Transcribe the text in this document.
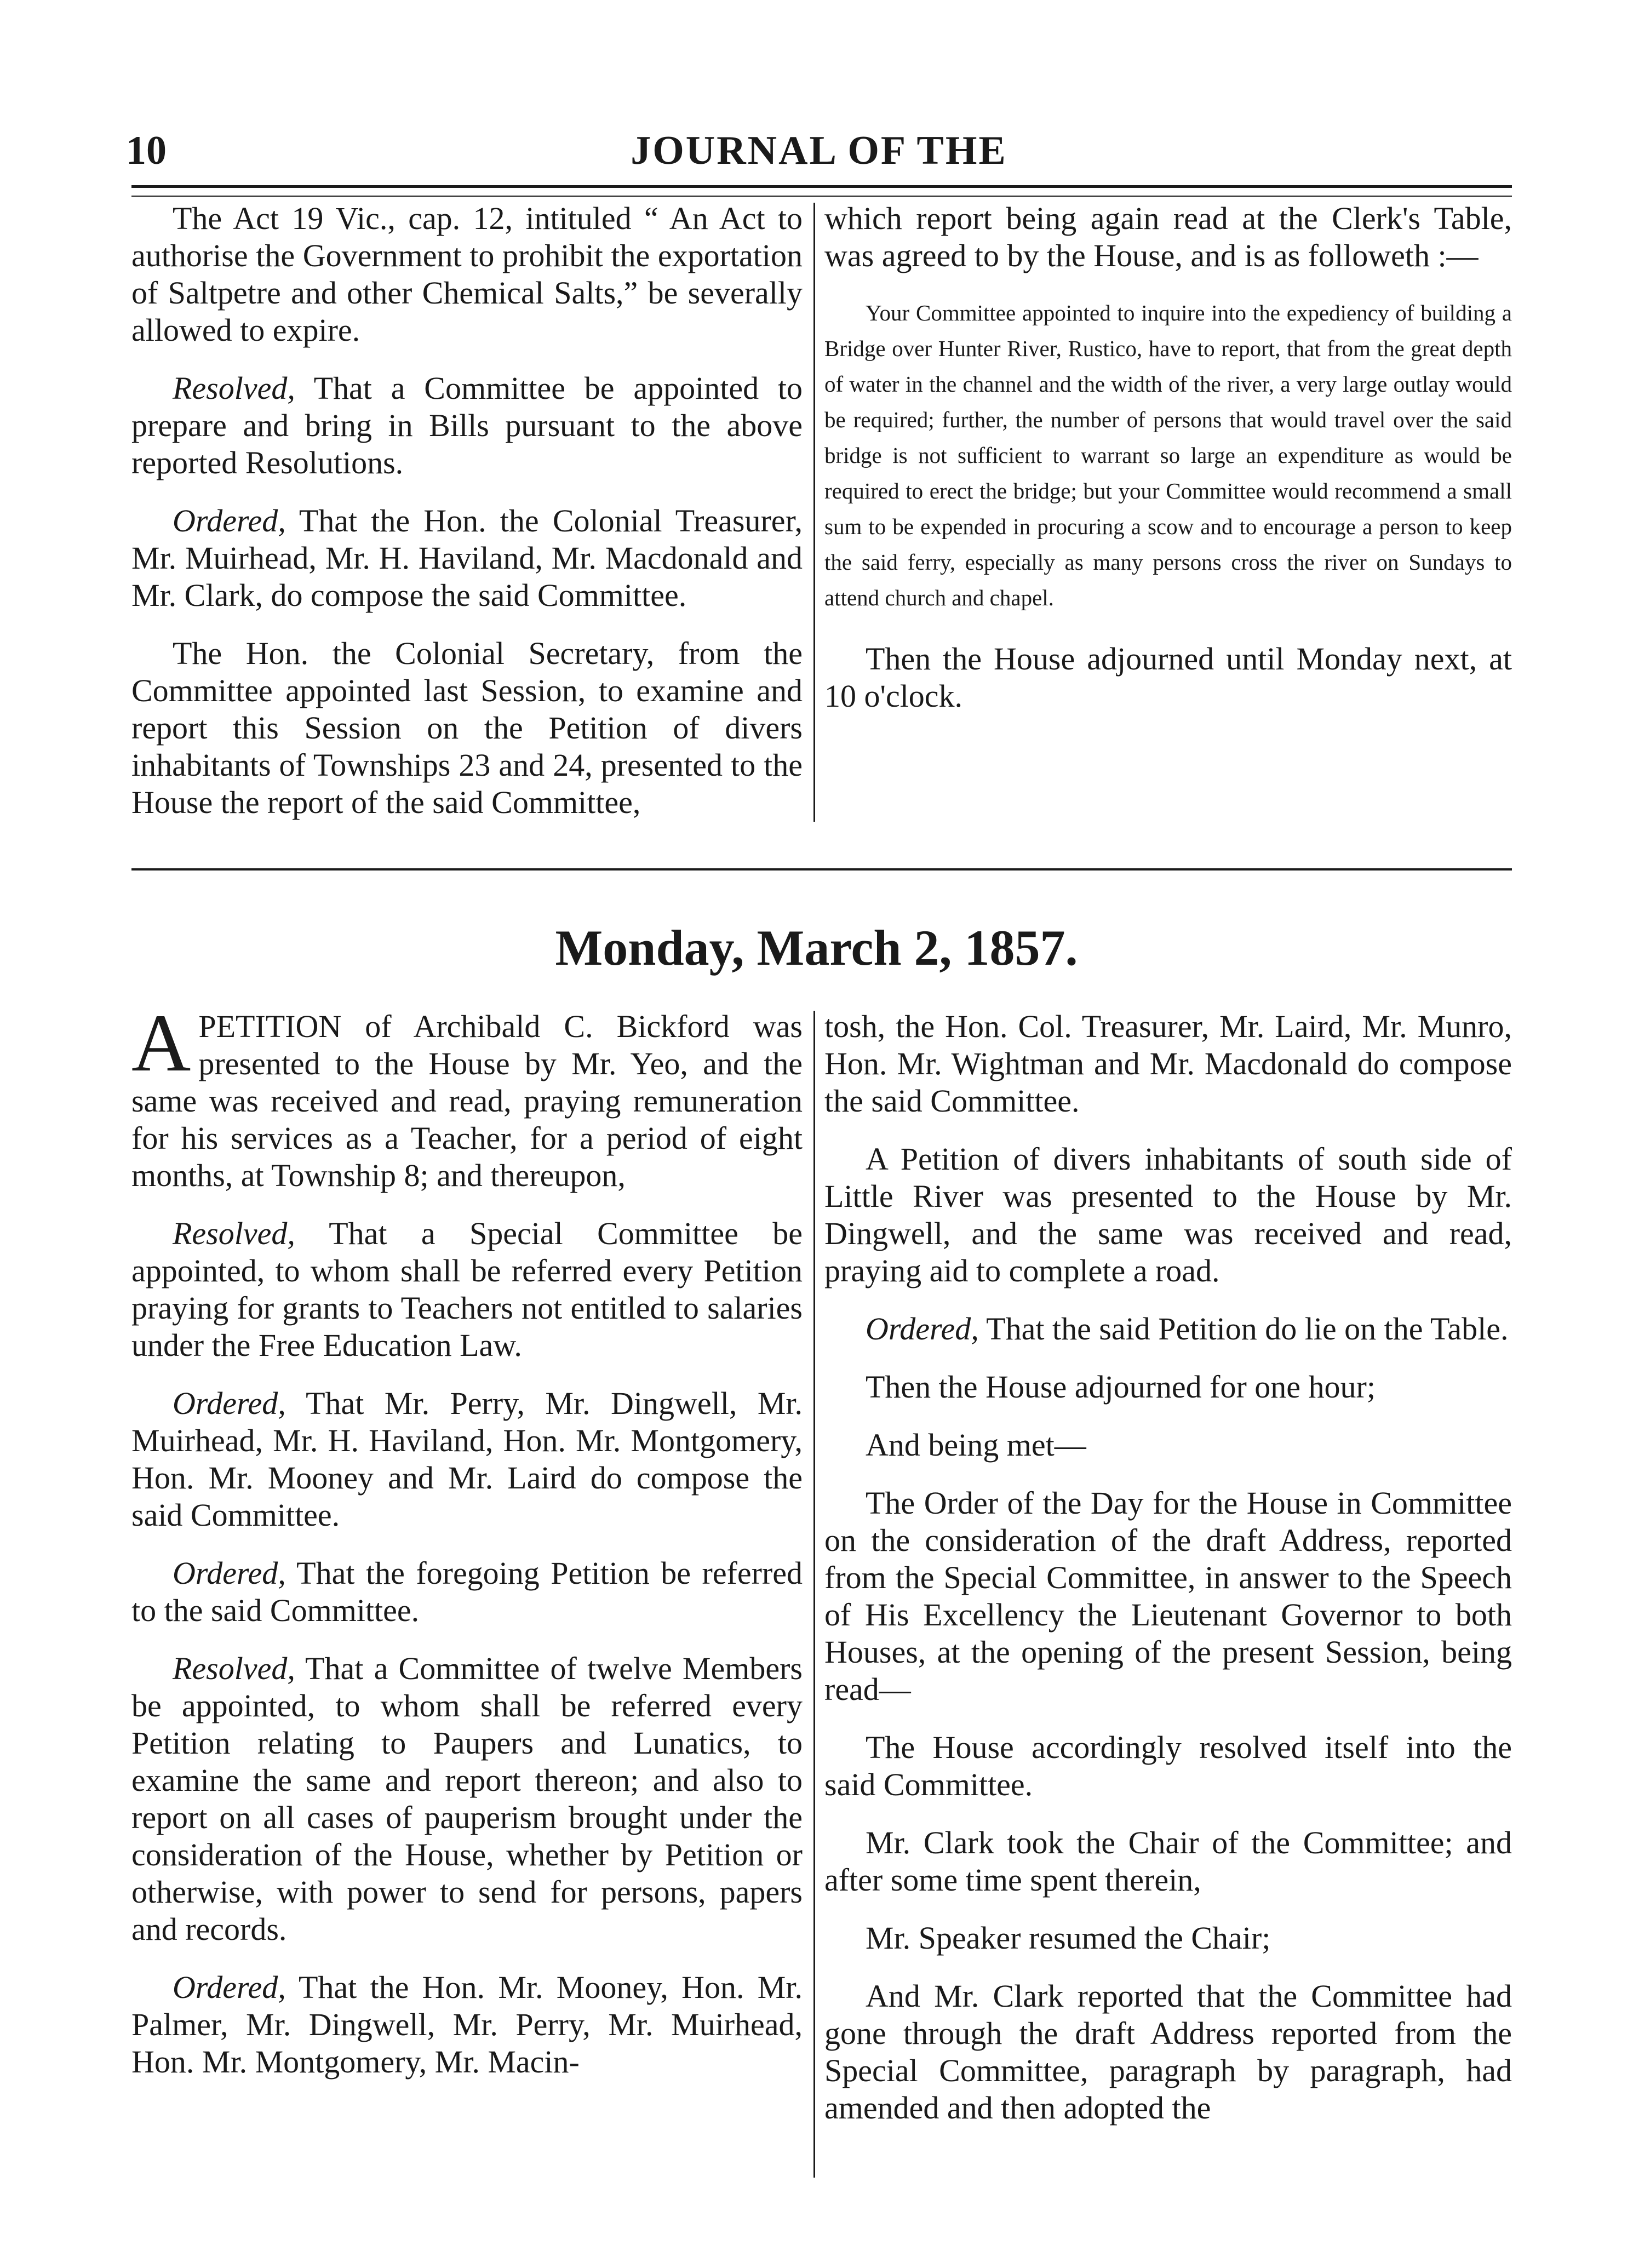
10	JOURNAL OF THE

The Act 19 Vic., cap. 12, intituled “ An Act to authorise the Government to prohibit the exportation of Saltpetre and other Chemical Salts,” be severally allowed to expire.

Resolved, That a Committee be appointed to prepare and bring in Bills pursuant to the above reported Resolutions.

Ordered, That the Hon. the Colonial Treasurer, Mr. Muirhead, Mr. H. Haviland, Mr. Macdonald and Mr. Clark, do compose the said Committee.

The Hon. the Colonial Secretary, from the Committee appointed last Session, to examine and report this Session on the Petition of divers inhabitants of Townships 23 and 24, presented to the House the report of the said Committee,

which report being again read at the Clerk's Table, was agreed to by the House, and is as followeth :—

Your Committee appointed to inquire into the expediency of building a Bridge over Hunter River, Rustico, have to report, that from the great depth of water in the channel and the width of the river, a very large outlay would be required; further, the number of persons that would travel over the said bridge is not sufficient to warrant so large an expenditure as would be required to erect the bridge; but your Committee would recommend a small sum to be expended in procuring a scow and to encourage a person to keep the said ferry, especially as many persons cross the river on Sundays to attend church and chapel.

Then the House adjourned until Monday next, at 10 o'clock.

Monday, March 2, 1857.

A PETITION of Archibald C. Bickford was presented to the House by Mr. Yeo, and the same was received and read, praying remuneration for his services as a Teacher, for a period of eight months, at Township 8; and thereupon,

Resolved, That a Special Committee be appointed, to whom shall be referred every Petition praying for grants to Teachers not entitled to salaries under the Free Education Law.

Ordered, That Mr. Perry, Mr. Dingwell, Mr. Muirhead, Mr. H. Haviland, Hon. Mr. Montgomery, Hon. Mr. Mooney and Mr. Laird do compose the said Committee.

Ordered, That the foregoing Petition be referred to the said Committee.

Resolved, That a Committee of twelve Members be appointed, to whom shall be referred every Petition relating to Paupers and Lunatics, to examine the same and report thereon; and also to report on all cases of pauperism brought under the consideration of the House, whether by Petition or otherwise, with power to send for persons, papers and records.

Ordered, That the Hon. Mr. Mooney, Hon. Mr. Palmer, Mr. Dingwell, Mr. Perry, Mr. Muirhead, Hon. Mr. Montgomery, Mr. Macin-

tosh, the Hon. Col. Treasurer, Mr. Laird, Mr. Munro, Hon. Mr. Wightman and Mr. Macdonald do compose the said Committee.

A Petition of divers inhabitants of south side of Little River was presented to the House by Mr. Dingwell, and the same was received and read, praying aid to complete a road.

Ordered, That the said Petition do lie on the Table.

Then the House adjourned for one hour;

And being met—

The Order of the Day for the House in Committee on the consideration of the draft Address, reported from the Special Committee, in answer to the Speech of His Excellency the Lieutenant Governor to both Houses, at the opening of the present Session, being read—

The House accordingly resolved itself into the said Committee.

Mr. Clark took the Chair of the Committee; and after some time spent therein,

Mr. Speaker resumed the Chair;

And Mr. Clark reported that the Committee had gone through the draft Address reported from the Special Committee, paragraph by paragraph, had amended and then adopted the
